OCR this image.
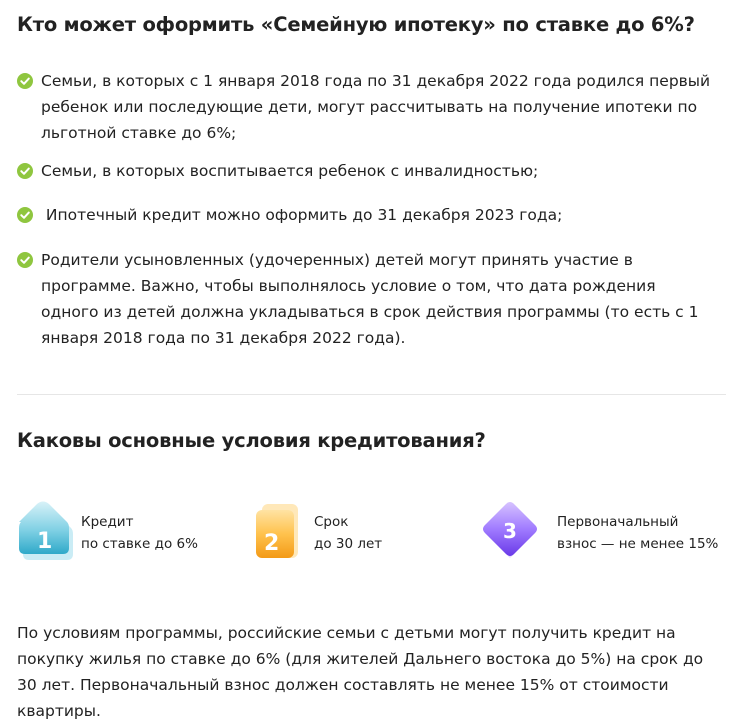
Кто может оформить «Семейную ипотеку» по ставке до 6%?
Семьи, в которых с 1 января 2018 года по 31 декабря 2022 года родился первый
ребенок или последующие дети, могут рассчитывать на получение ипотеки по
льготной ставке до 6%;
Семьи, в которых воспитывается ребенок с инвалидностью;
Ипотечный кредит можно оформить до 31 декабря 2023 года;
Родители усыновленных (удочеренных) детей могут принять участие в
программе. Важно, чтобы выполнялось условие о том, что дата рождения
одного из детей должна укладываться в срок действия программы (то есть с 1
января 2018 года по 31 декабря 2022 года).
Каковы основные условия кредитования?
1
Кредит
по ставке до 6%	2
Срок
до 30 лет
3	Первоначальный
взнос — не менее 15%

По условиям программы, российские семьи с детьми могут получить кредит на
покупку жилья по ставке до 6% (для жителей Дальнего востока до 5%) на срок до
30 лет. Первоначальный взнос должен составлять не менее 15% от стоимости
квартиры.
